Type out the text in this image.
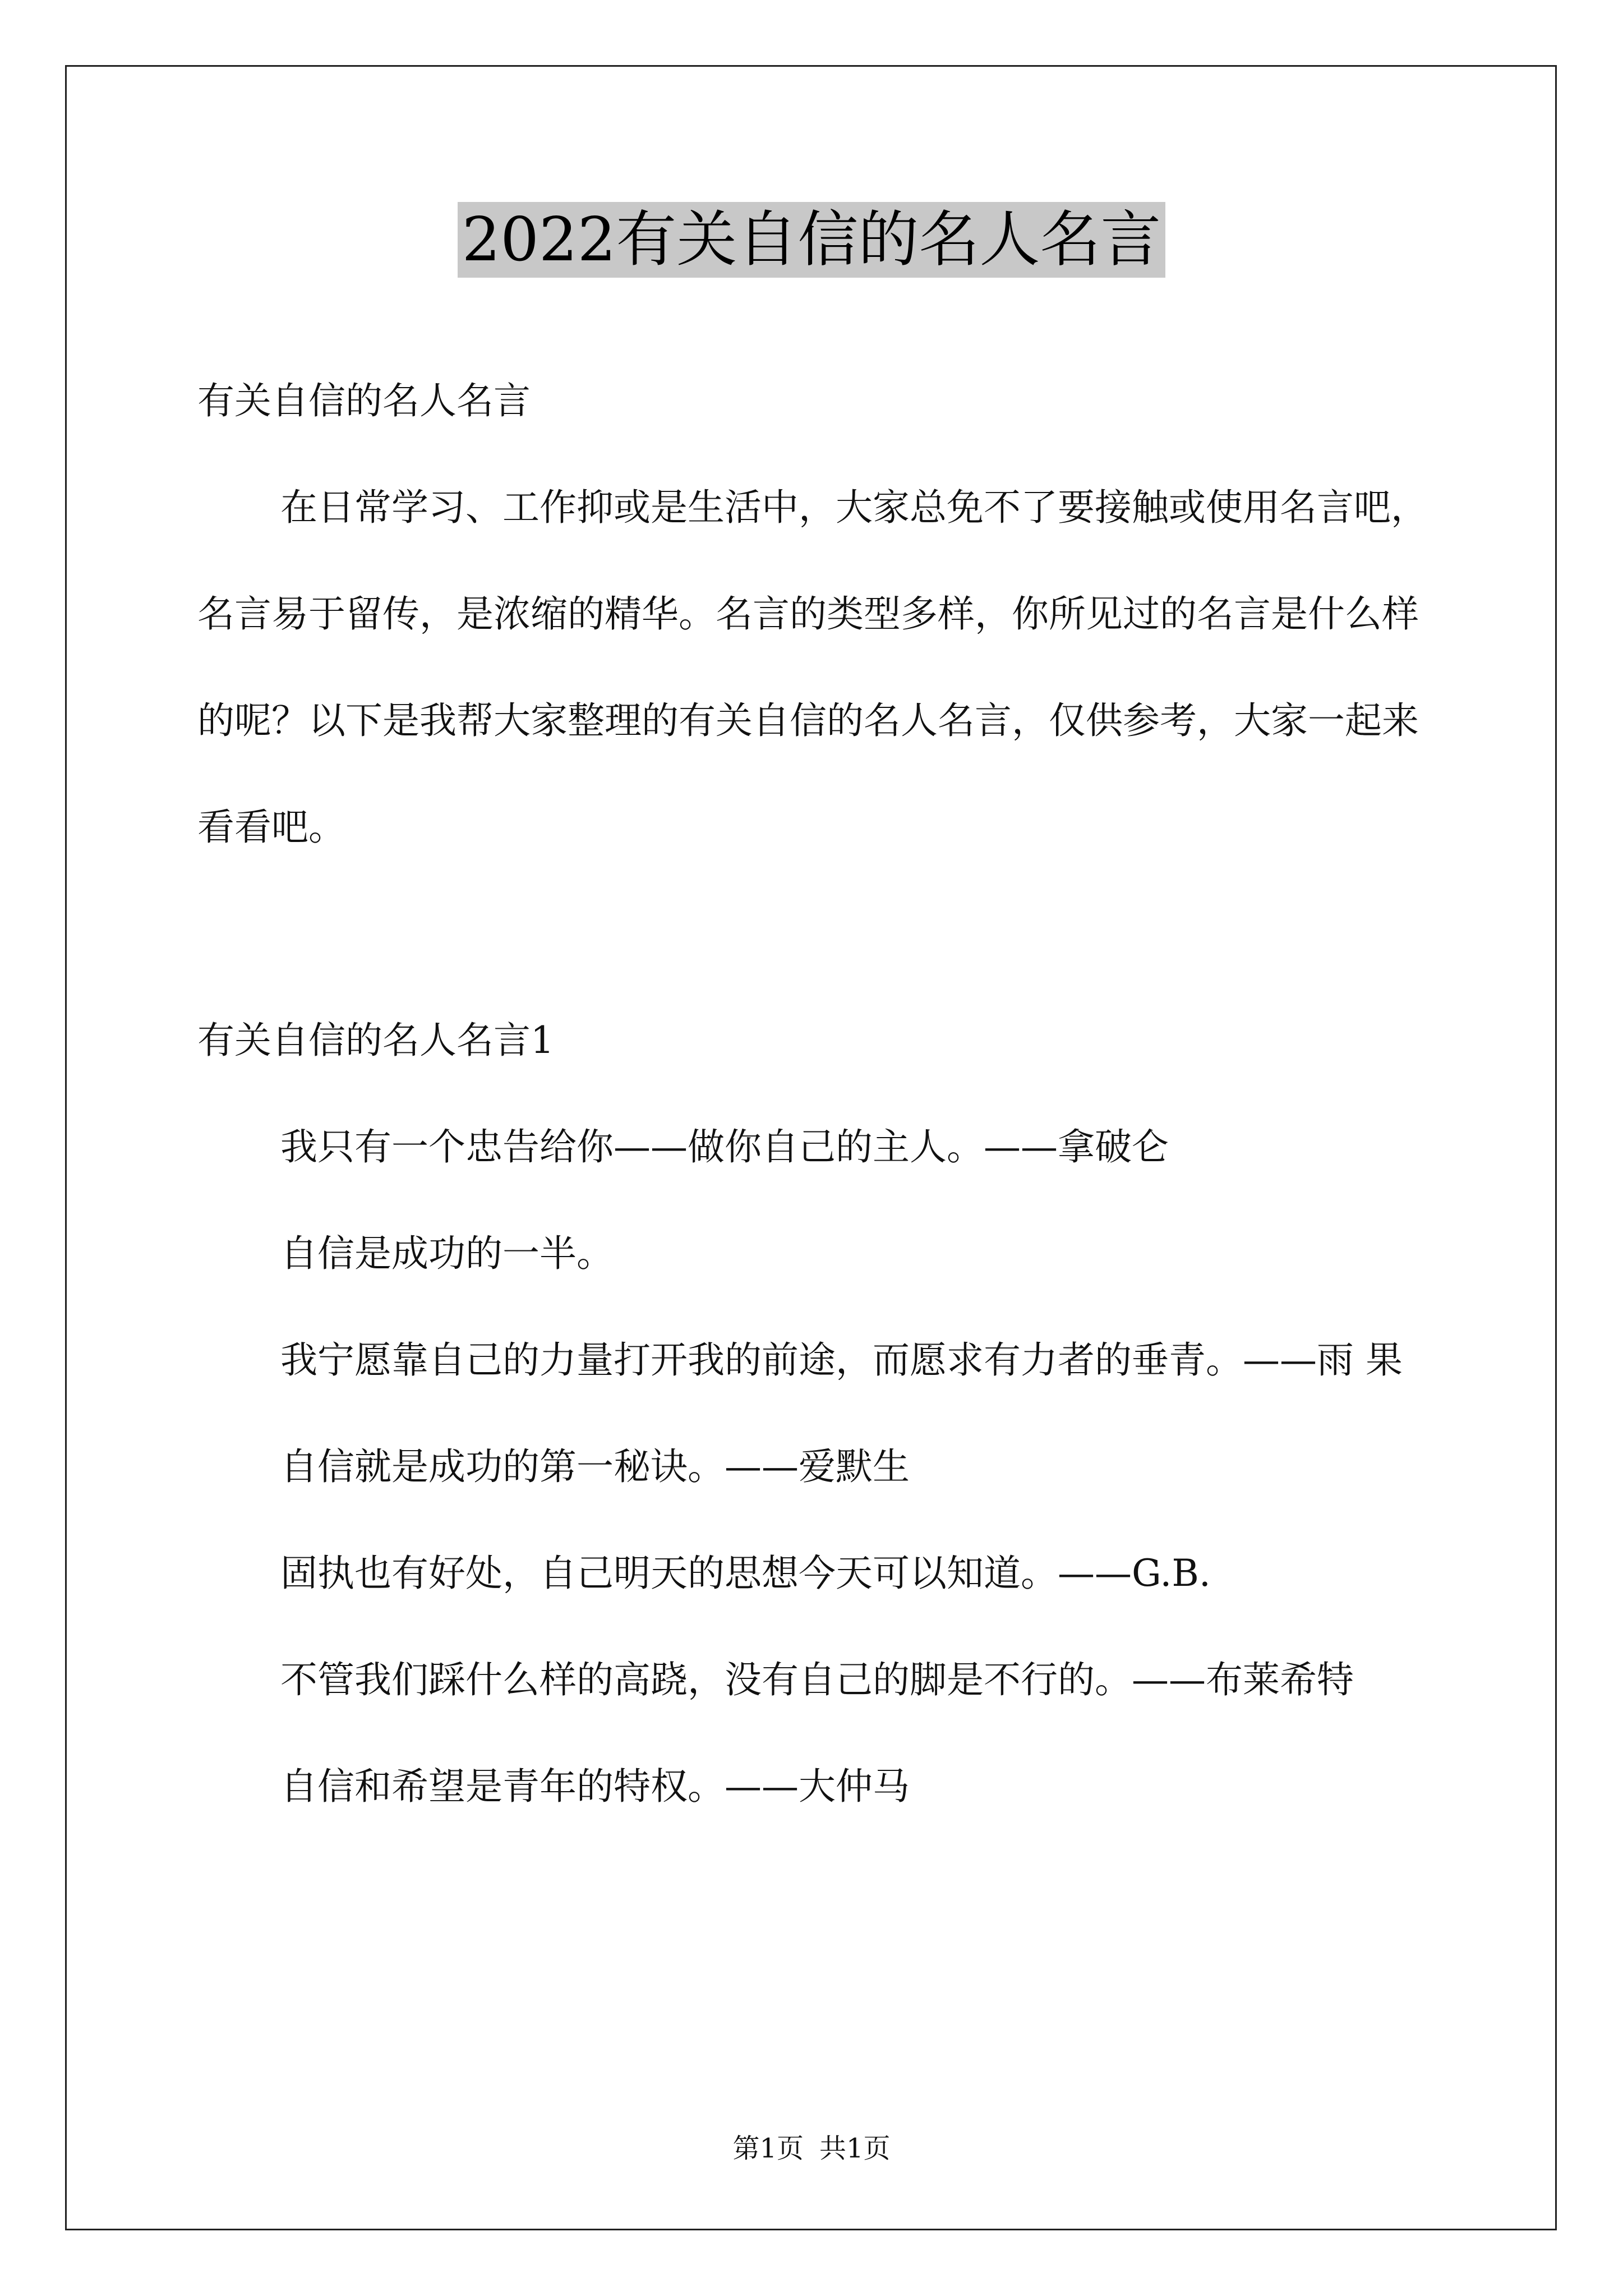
2022有关自信的名人名言

有关自信的名人名言

在日常学习、工作抑或是生活中，大家总免不了要接触或使用名言吧，名言易于留传，是浓缩的精华。名言的类型多样，你所见过的名言是什么样的呢？以下是我帮大家整理的有关自信的名人名言，仅供参考，大家一起来看看吧。

有关自信的名人名言1

我只有一个忠告给你——做你自己的主人。——拿破仑

自信是成功的一半。

我宁愿靠自己的力量打开我的前途，而愿求有力者的垂青。——雨 果

自信就是成功的第一秘诀。——爱默生

固执也有好处，自己明天的思想今天可以知道。——G.B.

不管我们踩什么样的高跷，没有自己的脚是不行的。——布莱希特

自信和希望是青年的特权。——大仲马

第1页 共1页
